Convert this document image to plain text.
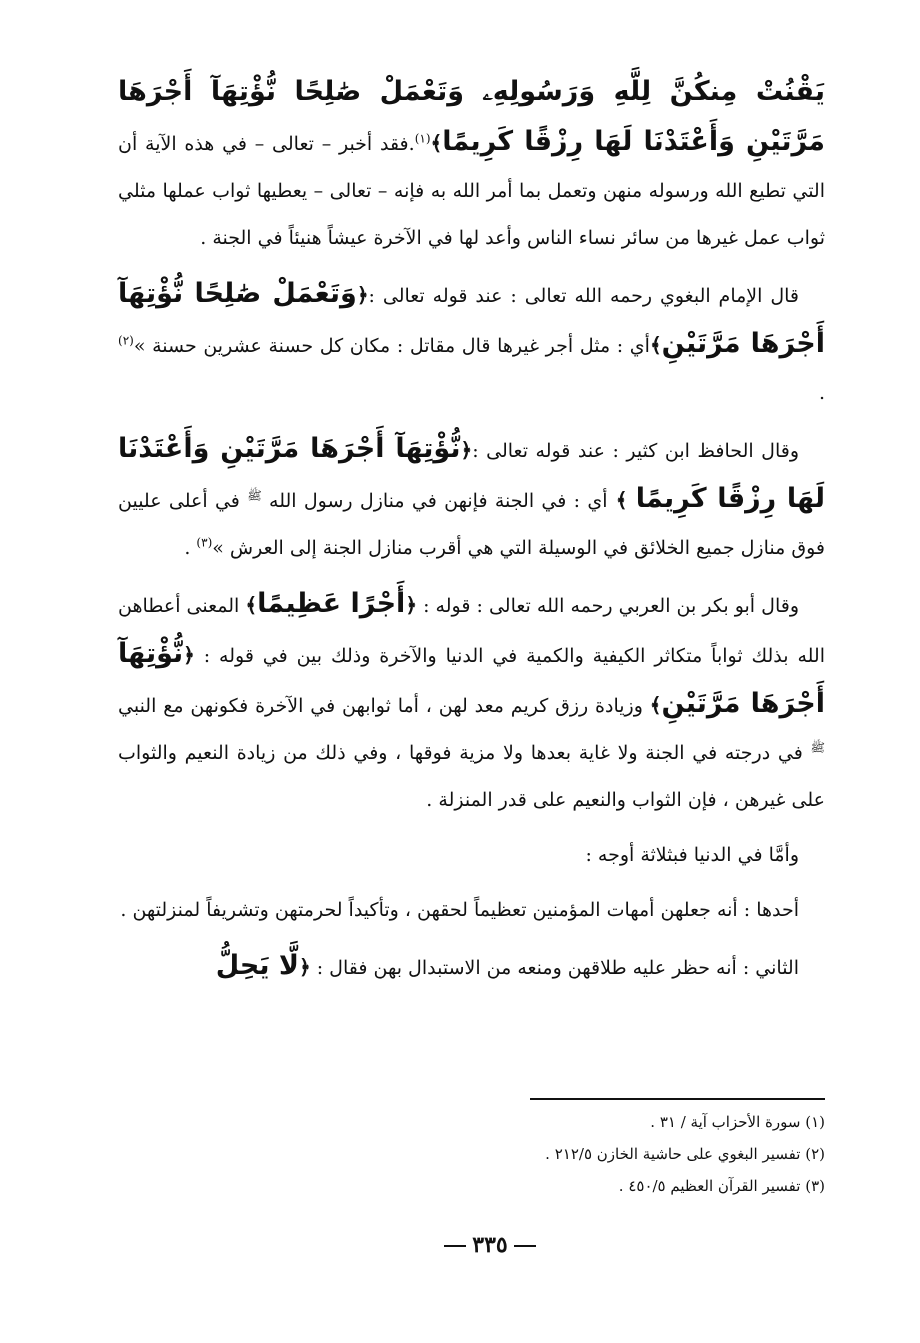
يَقْنُتْ مِنكُنَّ لِلَّهِ وَرَسُولِهِۦ وَتَعْمَلْ صَٰلِحًا نُّؤْتِهَآ أَجْرَهَا مَرَّتَيْنِ وَأَعْتَدْنَا لَهَا رِزْقًا كَرِيمًا﴾$^{(١)}$.فقد أخبر – تعالى – في هذه الآية أن التي تطيع الله ورسوله منهن وتعمل بما أمر الله به فإنه – تعالى – يعطيها ثواب عملها مثلي ثواب عمل غيرها من سائر نساء الناس وأعد لها في الآخرة عيشاً هنيئاً في الجنة .

قال الإمام البغوي رحمه الله تعالى : عند قوله تعالى :﴿وَتَعْمَلْ صَٰلِحًا نُّؤْتِهَآ أَجْرَهَا مَرَّتَيْنِ﴾أي : مثل أجر غيرها قال مقاتل : مكان كل حسنة عشرين حسنة »$^{(٢)}$ .

وقال الحافظ ابن كثير : عند قوله تعالى :﴿نُّؤْتِهَآ أَجْرَهَا مَرَّتَيْنِ وَأَعْتَدْنَا لَهَا رِزْقًا كَرِيمًا ﴾ أي : في الجنة فإنهن في منازل رسول الله $^ﷺ$ في أعلى عليين فوق منازل جميع الخلائق في الوسيلة التي هي أقرب منازل الجنة إلى العرش »$^{(٣)}$ .

وقال أبو بكر بن العربي رحمه الله تعالى : قوله : ﴿أَجْرًا عَظِيمًا﴾ المعنى أعطاهن الله بذلك ثواباً متكاثر الكيفية والكمية في الدنيا والآخرة وذلك بين في قوله : ﴿نُّؤْتِهَآ أَجْرَهَا مَرَّتَيْنِ﴾ وزيادة رزق كريم معد لهن ، أما ثوابهن في الآخرة فكونهن مع النبي $^ﷺ$ في درجته في الجنة ولا غاية بعدها ولا مزية فوقها ، وفي ذلك من زيادة النعيم والثواب على غيرهن ، فإن الثواب والنعيم على قدر المنزلة .

وأمَّا في الدنيا فبثلاثة أوجه :

أحدها : أنه جعلهن أمهات المؤمنين تعظيماً لحقهن ، وتأكيداً لحرمتهن وتشريفاً لمنزلتهن .

الثاني : أنه حظر عليه طلاقهن ومنعه من الاستبدال بهن فقال : ﴿لَّا يَحِلُّ

(١) سورة الأحزاب آية / ٣١ .

(٢) تفسير البغوي على حاشية الخازن ٢١٢/٥ .

(٣) تفسير القرآن العظيم ٤٥٠/٥ .

٣٣٥
